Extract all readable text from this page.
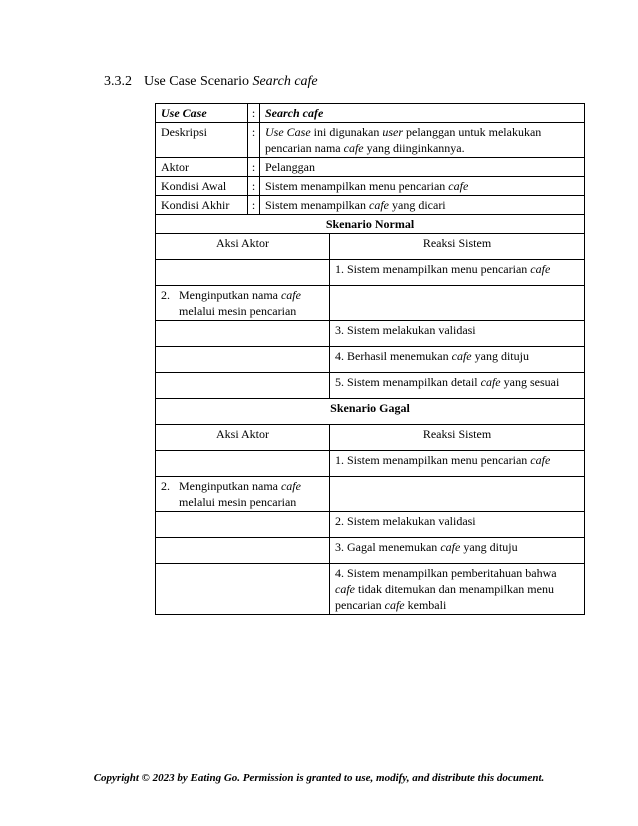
3.3.2 Use Case Scenario Search cafe
Use Case	:	Search cafe	
Deskripsi	:	Use Case ini digunakan user pelanggan untuk melakukan pencarian nama cafe yang diinginkannya.	
Aktor	:	Pelanggan	
Kondisi Awal	:	Sistem menampilkan menu pencarian cafe	
Kondisi Akhir	:	Sistem menampilkan cafe yang dicari	
Skenario Normal			
Aksi Aktor			Reaksi Sistem
			1. Sistem menampilkan menu pencarian cafe
2.   Menginputkan nama cafe
melalui mesin pencarian			
			3. Sistem melakukan validasi
			4. Berhasil menemukan cafe yang dituju
			5. Sistem menampilkan detail cafe yang sesuai
Skenario Gagal			
Aksi Aktor			Reaksi Sistem
			1. Sistem menampilkan menu pencarian cafe
2.   Menginputkan nama cafe
melalui mesin pencarian			
			2. Sistem melakukan validasi
			3. Gagal menemukan cafe yang dituju
			4. Sistem menampilkan pemberitahuan bahwa cafe tidak ditemukan dan menampilkan menu pencarian cafe kembali
Copyright © 2023 by Eating Go. Permission is granted to use, modify, and distribute this document.
